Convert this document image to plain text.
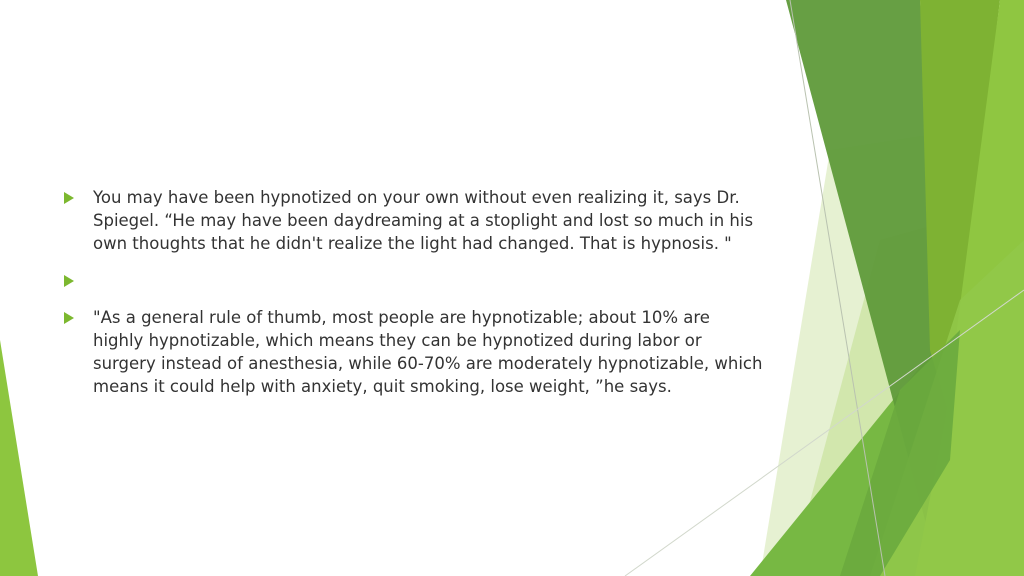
You may have been hypnotized on your own without even realizing it, says Dr. Spiegel. “He may have been daydreaming at a stoplight and lost so much in his own thoughts that he didn't realize the light had changed. That is hypnosis. "
"As a general rule of thumb, most people are hypnotizable; about 10% are highly hypnotizable, which means they can be hypnotized during labor or surgery instead of anesthesia, while 60-70% are moderately hypnotizable, which means it could help with anxiety, quit smoking, lose weight, ”he says.
